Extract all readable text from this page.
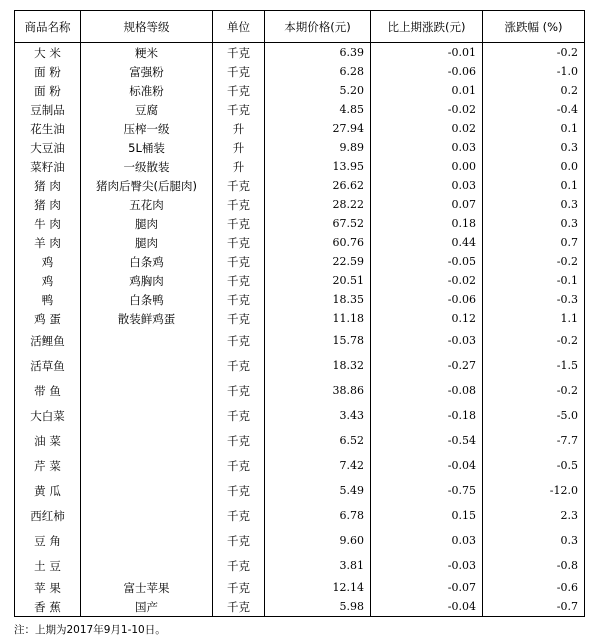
商品名称	规格等级	单位	本期价格(元)	比上期涨跌(元)	涨跌幅 (%)
大 米	粳米	千克	6.39	-0.01	-0.2
面 粉	富强粉	千克	6.28	-0.06	-1.0
面 粉	标准粉	千克	5.20	0.01	0.2
豆制品	豆腐	千克	4.85	-0.02	-0.4
花生油	压榨一级	升	27.94	0.02	0.1
大豆油	5L桶装	升	9.89	0.03	0.3
菜籽油	一级散装	升	13.95	0.00	0.0
猪 肉	猪肉后臀尖(后腿肉)	千克	26.62	0.03	0.1
猪 肉	五花肉	千克	28.22	0.07	0.3
牛 肉	腿肉	千克	67.52	0.18	0.3
羊 肉	腿肉	千克	60.76	0.44	0.7
鸡	白条鸡	千克	22.59	-0.05	-0.2
鸡	鸡胸肉	千克	20.51	-0.02	-0.1
鸭	白条鸭	千克	18.35	-0.06	-0.3
鸡 蛋	散装鲜鸡蛋	千克	11.18	0.12	1.1
活鲤鱼		千克	15.78	-0.03	-0.2
活草鱼		千克	18.32	-0.27	-1.5
带 鱼		千克	38.86	-0.08	-0.2
大白菜		千克	3.43	-0.18	-5.0
油 菜		千克	6.52	-0.54	-7.7
芹 菜		千克	7.42	-0.04	-0.5
黄 瓜		千克	5.49	-0.75	-12.0
西红柿		千克	6.78	0.15	2.3
豆 角		千克	9.60	0.03	0.3
土 豆		千克	3.81	-0.03	-0.8
苹 果	富士苹果	千克	12.14	-0.07	-0.6
香 蕉	国产	千克	5.98	-0.04	-0.7
注：上期为2017年9月1-10日。
